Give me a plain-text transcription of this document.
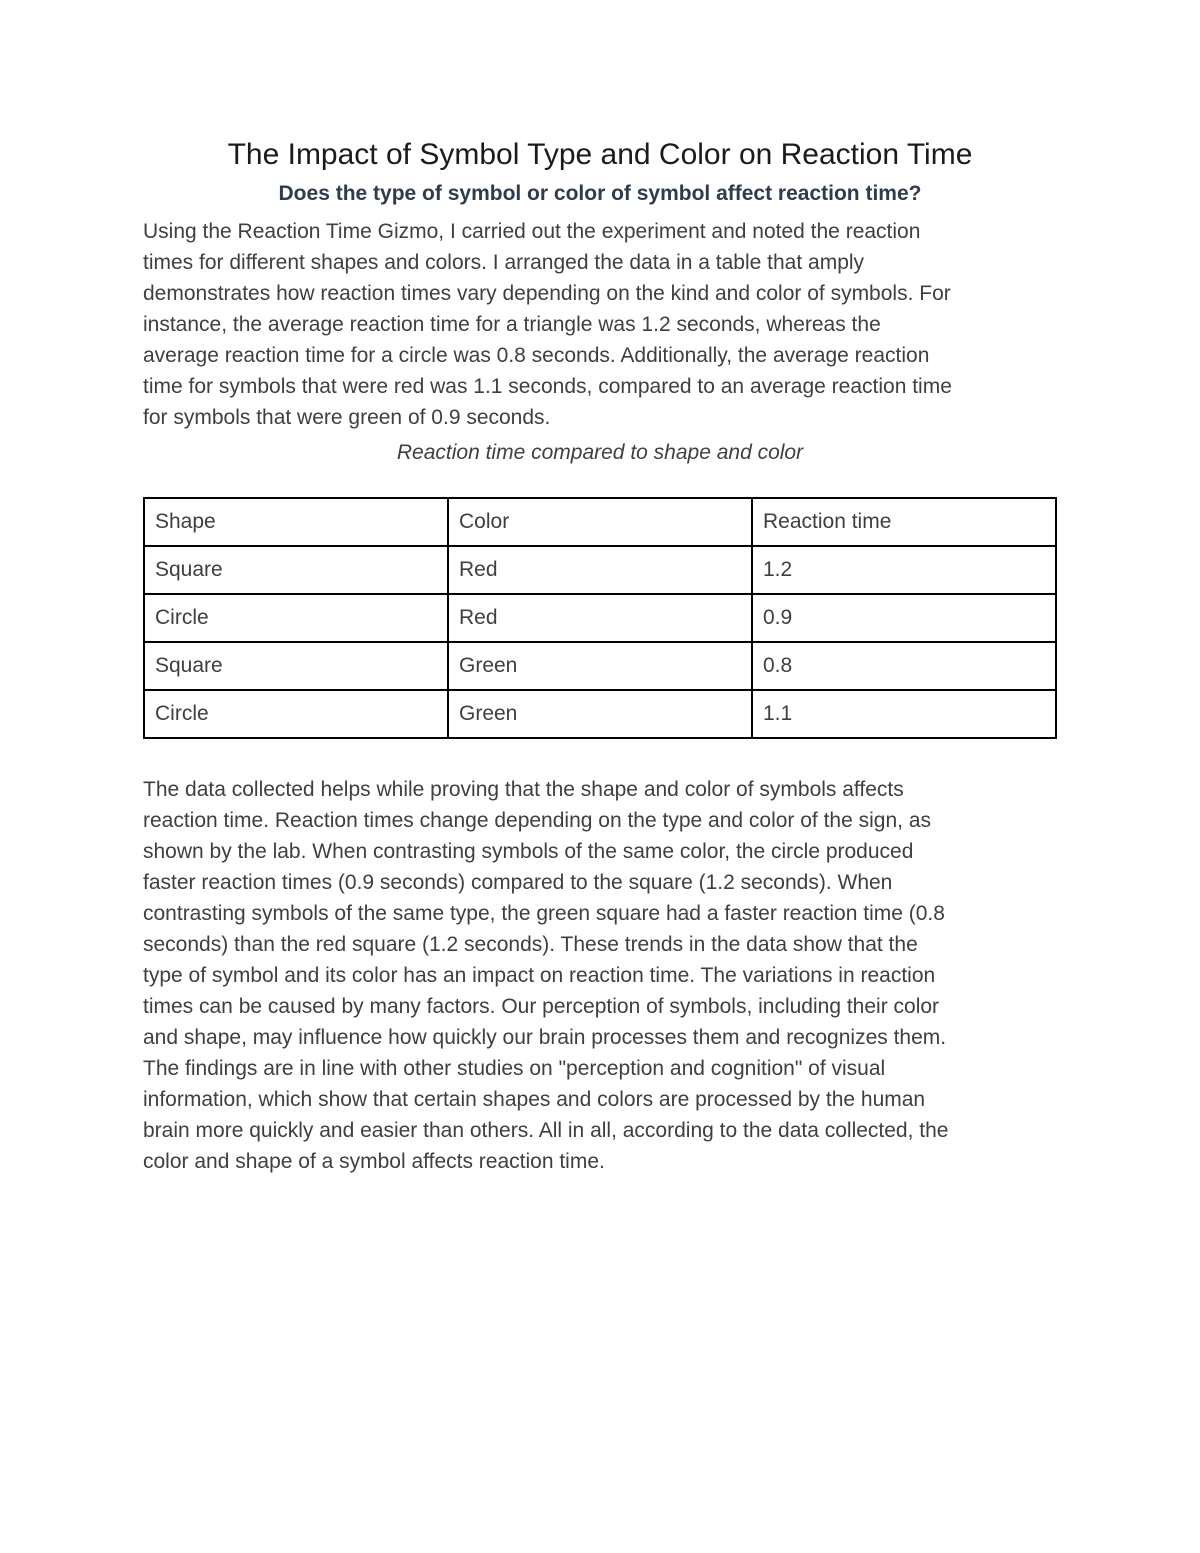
The Impact of Symbol Type and Color on Reaction Time
Does the type of symbol or color of symbol affect reaction time?
Using the Reaction Time Gizmo, I carried out the experiment and noted the reaction
times for different shapes and colors. I arranged the data in a table that amply
demonstrates how reaction times vary depending on the kind and color of symbols. For
instance, the average reaction time for a triangle was 1.2 seconds, whereas the
average reaction time for a circle was 0.8 seconds. Additionally, the average reaction
time for symbols that were red was 1.1 seconds, compared to an average reaction time
for symbols that were green of 0.9 seconds.
Reaction time compared to shape and color
Shape	Color	Reaction time
Square	Red	1.2
Circle	Red	0.9
Square	Green	0.8
Circle	Green	1.1
The data collected helps while proving that the shape and color of symbols affects
reaction time. Reaction times change depending on the type and color of the sign, as
shown by the lab. When contrasting symbols of the same color, the circle produced
faster reaction times (0.9 seconds) compared to the square (1.2 seconds). When
contrasting symbols of the same type, the green square had a faster reaction time (0.8
seconds) than the red square (1.2 seconds). These trends in the data show that the
type of symbol and its color has an impact on reaction time. The variations in reaction
times can be caused by many factors. Our perception of symbols, including their color
and shape, may influence how quickly our brain processes them and recognizes them.
The findings are in line with other studies on "perception and cognition" of visual
information, which show that certain shapes and colors are processed by the human
brain more quickly and easier than others. All in all, according to the data collected, the
color and shape of a symbol affects reaction time.
